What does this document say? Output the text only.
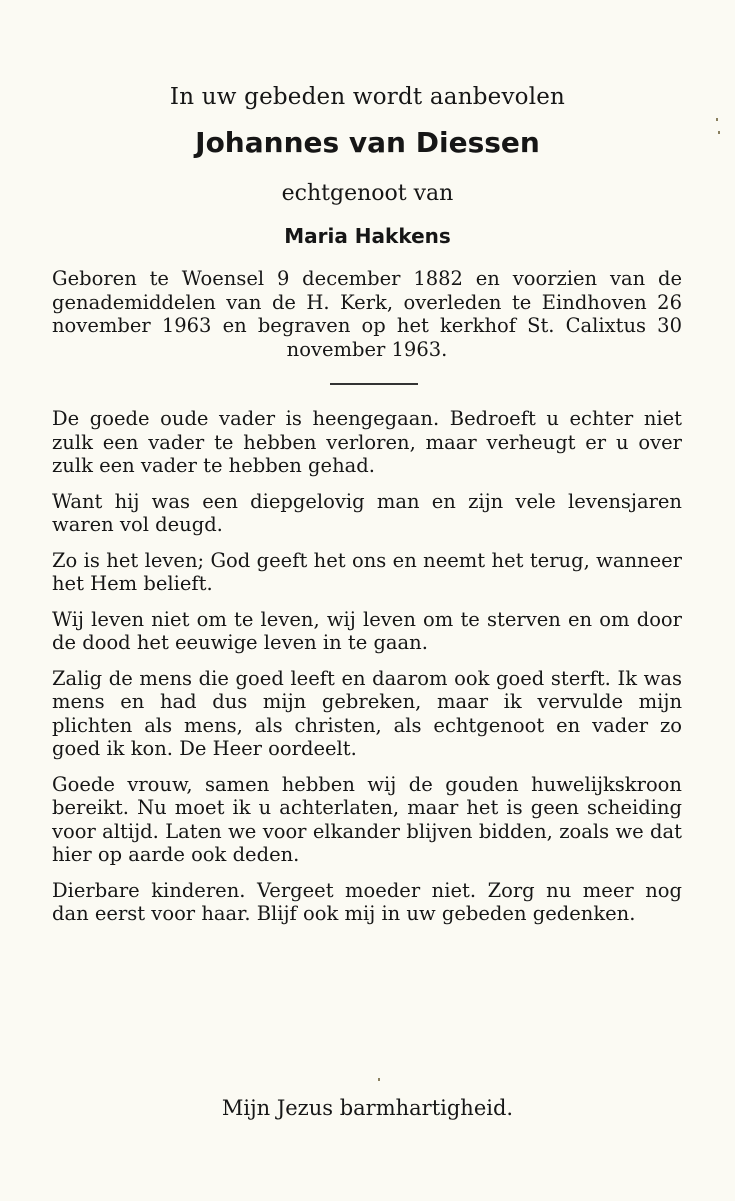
In uw gebeden wordt aanbevolen
Johannes van Diessen
echtgenoot van
Maria Hakkens
Geboren te Woensel 9 december 1882 en voorzien van de genademiddelen van de H. Kerk, overleden te Eindhoven 26 november 1963 en begraven op het kerkhof St. Calixtus 30 november 1963.

De goede oude vader is heengegaan. Bedroeft u echter niet zulk een vader te hebben verloren, maar verheugt er u over zulk een vader te hebben gehad.

Want hij was een diepgelovig man en zijn vele levensjaren waren vol deugd.

Zo is het leven; God geeft het ons en neemt het terug, wanneer het Hem belieft.

Wij leven niet om te leven, wij leven om te sterven en om door de dood het eeuwige leven in te gaan.

Zalig de mens die goed leeft en daarom ook goed sterft. Ik was mens en had dus mijn gebreken, maar ik vervulde mijn plichten als mens, als christen, als echtgenoot en vader zo goed ik kon. De Heer oordeelt.

Goede vrouw, samen hebben wij de gouden huwelijkskroon bereikt. Nu moet ik u achterlaten, maar het is geen scheiding voor altijd. Laten we voor elkander blijven bidden, zoals we dat hier op aarde ook deden.

Dierbare kinderen. Vergeet moeder niet. Zorg nu meer nog dan eerst voor haar. Blijf ook mij in uw gebeden gedenken.

Mijn Jezus barmhartigheid.
